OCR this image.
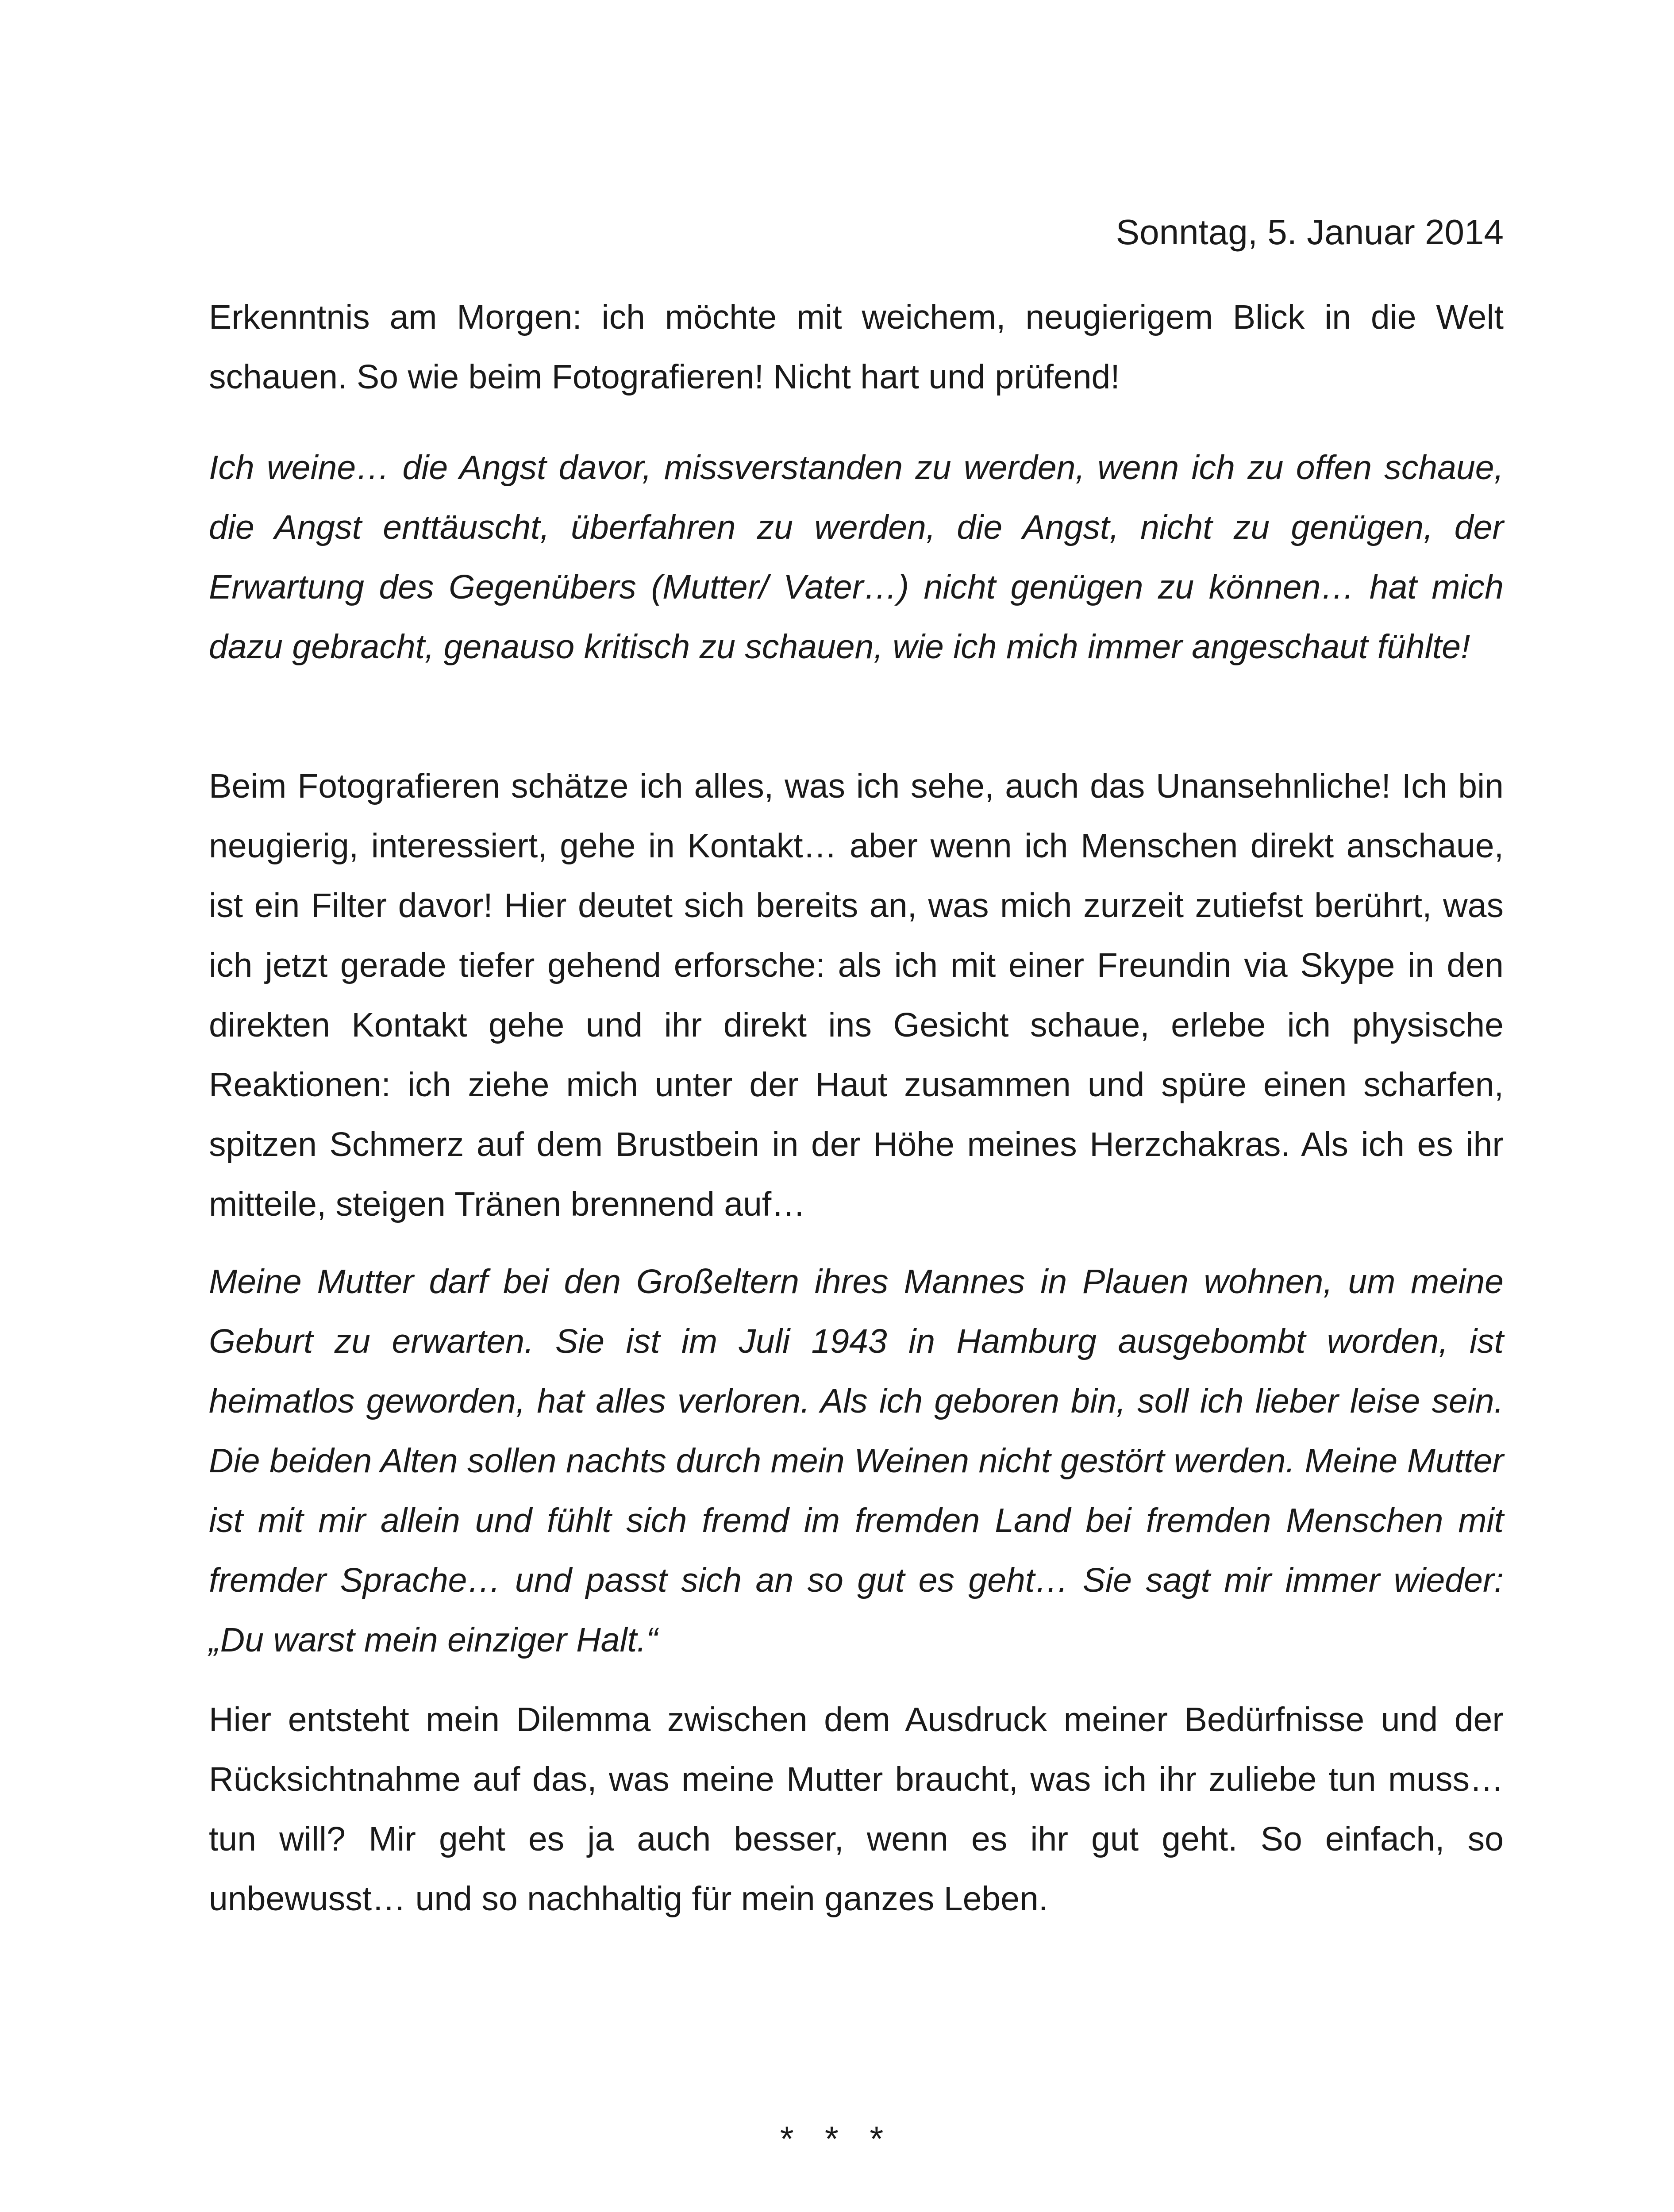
Sonntag, 5. Januar 2014

Erkenntnis am Morgen: ich möchte mit weichem, neugierigem Blick in die Welt schauen. So wie beim Fotografieren! Nicht hart und prüfend!

Ich weine… die Angst davor, missverstanden zu werden, wenn ich zu offen schaue, die Angst enttäuscht, überfahren zu werden, die Angst, nicht zu genügen, der Erwartung des Gegenübers (Mutter/ Vater…) nicht genügen zu können… hat mich dazu gebracht, genauso kritisch zu schauen, wie ich mich immer angeschaut fühlte!

Beim Fotografieren schätze ich alles, was ich sehe, auch das Unansehnliche! Ich bin neugierig, interessiert, gehe in Kontakt… aber wenn ich Menschen direkt anschaue, ist ein Filter davor! Hier deutet sich bereits an, was mich zurzeit zutiefst berührt, was ich jetzt gerade tiefer gehend erforsche: als ich mit einer Freundin via Skype in den direkten Kontakt gehe und ihr direkt ins Gesicht schaue, erlebe ich physische Reaktionen: ich ziehe mich unter der Haut zusammen und spüre einen scharfen, spitzen Schmerz auf dem Brustbein in der Höhe meines Herzchakras. Als ich es ihr mitteile, steigen Tränen brennend auf…

Meine Mutter darf bei den Großeltern ihres Mannes in Plauen wohnen, um meine Geburt zu erwarten. Sie ist im Juli 1943 in Hamburg ausgebombt worden, ist heimatlos geworden, hat alles verloren. Als ich geboren bin, soll ich lieber leise sein. Die beiden Alten sollen nachts durch mein Weinen nicht gestört werden. Meine Mutter ist mit mir allein und fühlt sich fremd im fremden Land bei fremden Menschen mit fremder Sprache… und passt sich an so gut es geht… Sie sagt mir immer wieder: „Du warst mein einziger Halt.“

Hier entsteht mein Dilemma zwischen dem Ausdruck meiner Bedürfnisse und der Rücksichtnahme auf das, was meine Mutter braucht, was ich ihr zuliebe tun muss… tun will? Mir geht es ja auch besser, wenn es ihr gut geht. So einfach, so unbewusst… und so nachhaltig für mein ganzes Leben.

* * *
